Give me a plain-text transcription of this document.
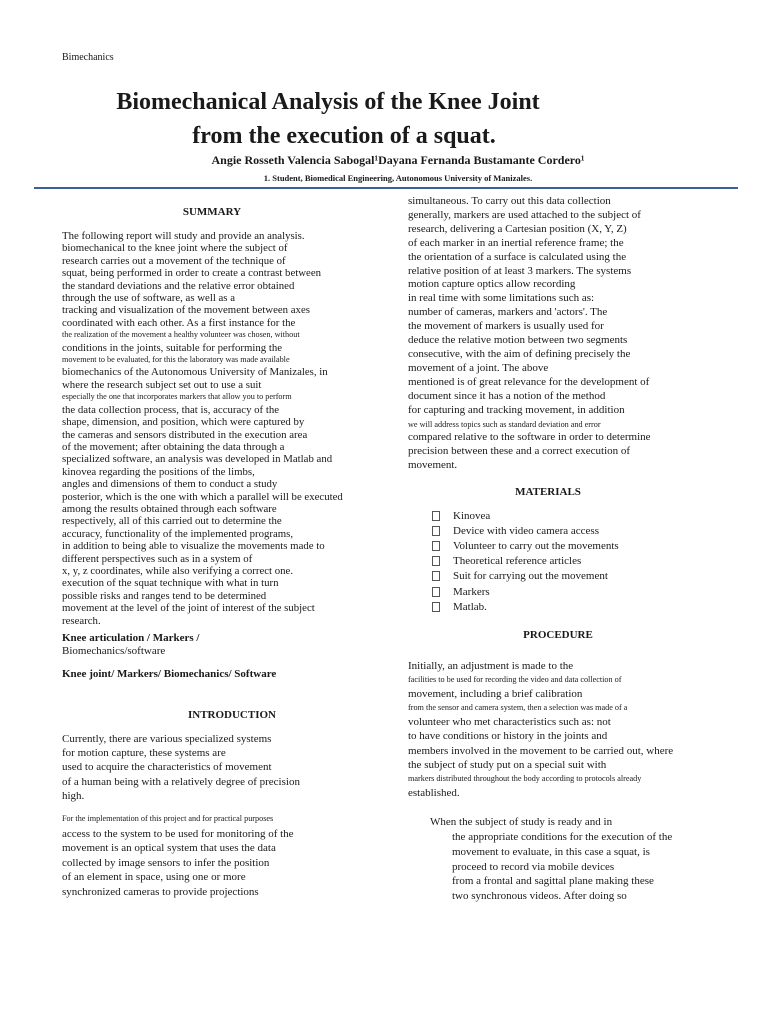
Bimechanics
Biomechanical Analysis of the Knee Joint
from the execution of a squat.
Angie Rosseth Valencia Sabogal¹Dayana Fernanda Bustamante Cordero¹
1. Student, Biomedical Engineering, Autonomous University of Manizales.
SUMMARY
The following report will study and provide an analysis.
biomechanical to the knee joint where the subject of
research carries out a movement of the technique of
squat, being performed in order to create a contrast between
the standard deviations and the relative error obtained
through the use of software, as well as a
tracking and visualization of the movement between axes
coordinated with each other. As a first instance for the
the realization of the movement a healthy volunteer was chosen, without
conditions in the joints, suitable for performing the
movement to be evaluated, for this the laboratory was made available
biomechanics of the Autonomous University of Manizales, in
where the research subject set out to use a suit
especially the one that incorporates markers that allow you to perform
the data collection process, that is, accuracy of the
shape, dimension, and position, which were captured by
the cameras and sensors distributed in the execution area
of the movement; after obtaining the data through a
specialized software, an analysis was developed in Matlab and
kinovea regarding the positions of the limbs,
angles and dimensions of them to conduct a study
posterior, which is the one with which a parallel will be executed
among the results obtained through each software
respectively, all of this carried out to determine the
accuracy, functionality of the implemented programs,
in addition to being able to visualize the movements made to
different perspectives such as in a system of
x, y, z coordinates, while also verifying a correct one.
execution of the squat technique with what in turn
possible risks and ranges tend to be determined
movement at the level of the joint of interest of the subject
research.
Knee articulation / Markers /
Biomechanics/software
Knee joint/ Markers/ Biomechanics/ Software
INTRODUCTION
Currently, there are various specialized systems
for motion capture, these systems are
used to acquire the characteristics of movement
of a human being with a relatively degree of precision
high.
For the implementation of this project and for practical purposes
access to the system to be used for monitoring of the
movement is an optical system that uses the data
collected by image sensors to infer the position
of an element in space, using one or more
synchronized cameras to provide projections
simultaneous. To carry out this data collection
generally, markers are used attached to the subject of
research, delivering a Cartesian position (X, Y, Z)
of each marker in an inertial reference frame; the
the orientation of a surface is calculated using the
relative position of at least 3 markers. The systems
motion capture optics allow recording
in real time with some limitations such as:
number of cameras, markers and 'actors'. The
the movement of markers is usually used for
deduce the relative motion between two segments
consecutive, with the aim of defining precisely the
movement of a joint. The above
mentioned is of great relevance for the development of
document since it has a notion of the method
for capturing and tracking movement, in addition
we will address topics such as standard deviation and error
compared relative to the software in order to determine
precision between these and a correct execution of
movement.
MATERIALS
Kinovea
Device with video camera access
Volunteer to carry out the movements
Theoretical reference articles
Suit for carrying out the movement
Markers
Matlab.
PROCEDURE
Initially, an adjustment is made to the
facilities to be used for recording the video and data collection of
movement, including a brief calibration
from the sensor and camera system, then a selection was made of a
volunteer who met characteristics such as: not
to have conditions or history in the joints and
members involved in the movement to be carried out, where
the subject of study put on a special suit with
markers distributed throughout the body according to protocols already
established.
When the subject of study is ready and in
the appropriate conditions for the execution of the
movement to evaluate, in this case a squat, is
proceed to record via mobile devices
from a frontal and sagittal plane making these
two synchronous videos. After doing so
